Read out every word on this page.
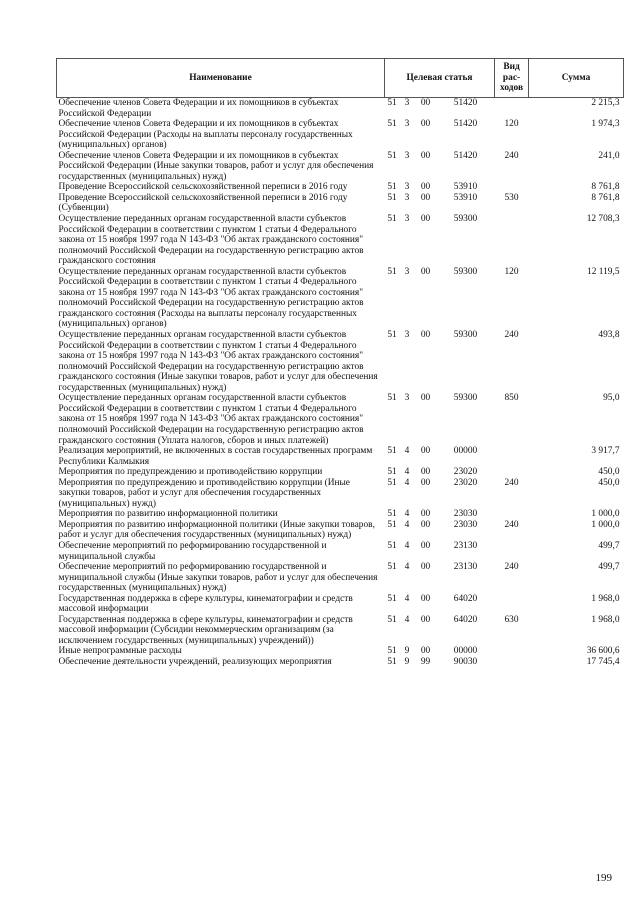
Наименование	Целевая статья				Вид рас-ходов	Сумма
Обеспечение членов Совета Федерации и их помощников в субъектах Российской Федерации	51	3	00	51420		2 215,3
Обеспечение членов Совета Федерации и их помощников в субъектах Российской Федерации (Расходы на выплаты персоналу государственных (муниципальных) органов)	51	3	00	51420	120	1 974,3
Обеспечение членов Совета Федерации и их помощников в субъектах Российской Федерации (Иные закупки товаров, работ и услуг для обеспечения государственных (муниципальных) нужд)	51	3	00	51420	240	241,0
Проведение Всероссийской сельскохозяйственной переписи в 2016 году	51	3	00	53910		8 761,8
Проведение Всероссийской сельскохозяйственной переписи в 2016 году (Субвенции)	51	3	00	53910	530	8 761,8
Осуществление переданных органам государственной власти субъектов Российской Федерации в соответствии с пунктом 1 статьи 4 Федерального закона от 15 ноября 1997 года N 143-ФЗ "Об актах гражданского состояния" полномочий Российской Федерации на государственную регистрацию актов гражданского состояния	51	3	00	59300		12 708,3
Осуществление переданных органам государственной власти субъектов Российской Федерации в соответствии с пунктом 1 статьи 4 Федерального закона от 15 ноября 1997 года N 143-ФЗ "Об актах гражданского состояния" полномочий Российской Федерации на государственную регистрацию актов гражданского состояния (Расходы на выплаты персоналу государственных (муниципальных) органов)	51	3	00	59300	120	12 119,5
Осуществление переданных органам государственной власти субъектов Российской Федерации в соответствии с пунктом 1 статьи 4 Федерального закона от 15 ноября 1997 года N 143-ФЗ "Об актах гражданского состояния" полномочий Российской Федерации на государственную регистрацию актов гражданского состояния (Иные закупки товаров, работ и услуг для обеспечения государственных (муниципальных) нужд)	51	3	00	59300	240	493,8
Осуществление переданных органам государственной власти субъектов Российской Федерации в соответствии с пунктом 1 статьи 4 Федерального закона от 15 ноября 1997 года N 143-ФЗ "Об актах гражданского состояния" полномочий Российской Федерации на государственную регистрацию актов гражданского состояния (Уплата налогов, сборов и иных платежей)	51	3	00	59300	850	95,0
Реализация мероприятий, не включенных в состав государственных программ Республики Калмыкия	51	4	00	00000		3 917,7
Мероприятия по предупреждению и противодействию коррупции	51	4	00	23020		450,0
Мероприятия по предупреждению и противодействию коррупции (Иные закупки товаров, работ и услуг для обеспечения государственных (муниципальных) нужд)	51	4	00	23020	240	450,0
Мероприятия по развитию информационной политики	51	4	00	23030		1 000,0
Мероприятия по развитию информационной политики (Иные закупки товаров, работ и услуг для обеспечения государственных (муниципальных) нужд)	51	4	00	23030	240	1 000,0
Обеспечение мероприятий по реформированию государственной и муниципальной службы	51	4	00	23130		499,7
Обеспечение мероприятий по реформированию государственной и муниципальной службы (Иные закупки товаров, работ и услуг для обеспечения государственных (муниципальных) нужд)	51	4	00	23130	240	499,7
Государственная поддержка в сфере культуры, кинематографии и средств массовой информации	51	4	00	64020		1 968,0
Государственная поддержка в сфере культуры, кинематографии и средств массовой информации (Субсидии некоммерческим организациям (за исключением государственных (муниципальных) учреждений))	51	4	00	64020	630	1 968,0
Иные непрограммные расходы	51	9	00	00000		36 600,6
Обеспечение деятельности учреждений, реализующих мероприятия	51	9	99	90030		17 745,4
199
